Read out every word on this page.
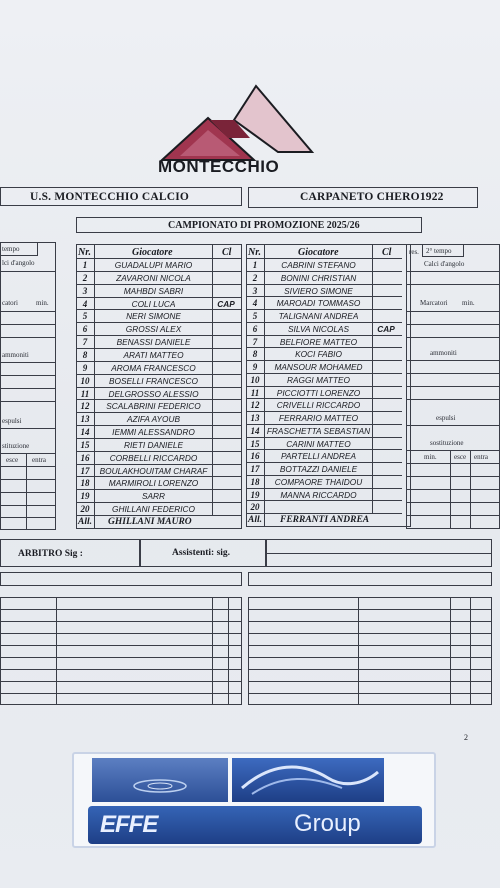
MONTECCHIO
U.S. MONTECCHIO CALCIO	CARPANETO CHERO1922
CAMPIONATO DI PROMOZIONE 2025/26
tempo
lci d'angolo
catori	min.
ammoniti
espulsi
stituzione
esce entra
Nr.	Giocatore	Cl
1	GUADALUPI MARIO
2	ZAVARONI NICOLA
3	MAHBDI SABRI
4	COLI LUCA	CAP
5	NERI SIMONE
6	GROSSI ALEX
7	BENASSI DANIELE
8	ARATI MATTEO
9	AROMA FRANCESCO
10	BOSELLI FRANCESCO
11	DELGROSSO ALESSIO
12	SCALABRINI FEDERICO
13	AZIFA AYOUB
14	IEMMI ALESSANDRO
15	RIETI DANIELE
16	CORBELLI RICCARDO
17	BOULAKHOUITAM CHARAF
18	MARMIROLI LORENZO
19	SARR
20	GHILLANI FEDERICO
All. GHILLANI MAURO
Nr.	Giocatore	Cl
1	CABRINI STEFANO
2	BONINI CHRISTIAN
3	SIVIERO SIMONE
4	MAROADI TOMMASO
5	TALIGNANI ANDREA
6	SILVA NICOLAS	CAP
7	BELFIORE MATTEO
8	KOCI FABIO
9	MANSOUR MOHAMED
10	RAGGI MATTEO
11	PICCIOTTI LORENZO
12	CRIVELLI RICCARDO
13	FERRARIO MATTEO
14 FRASCHETTA SEBASTIAN
15	CARINI MATTEO
16	PARTELLI ANDREA
17	BOTTAZZI DANIELE
18	COMPAORE THAIDOU
19	MANNA RICCARDO
20
All. FERRANTI ANDREA
res. 2° tempo
Calci d'angolo
Marcatori min.
ammoniti
espulsi
sostituzione
min. esce entra
ARBITRO Sig :	Assistenti: sig.
2
EFFE	Group
